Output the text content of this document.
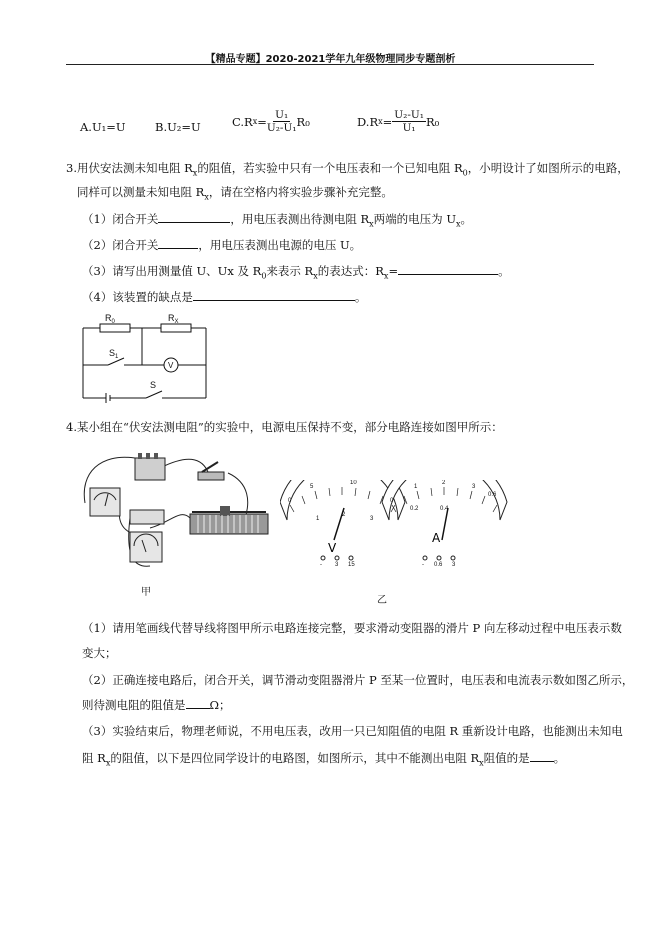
【精品专题】2020-2021学年九年级物理同步专题剖析
A.U₁=U	B.U₂=U	C.R $x = \frac{\text{U₁}}{\text{U₂-U₁}} R_0$	D.R $x = \frac{\text{U₂-U₁}}{\text{U₁}} R_0$
3.用伏安法测未知电阻 $R_x$的阻值，若实验中只有一个电压表和一个已知电阻 $R_0$，小明设计了如图所示的电路，
同样可以测量未知电阻 $R_x$，请在空格内将实验步骤补充完整。
（1）闭合开关	，用电压表测出待测电阻 $R_x$两端的电压为 $U_x$。
（2）闭合开关	，用电压表测出电源的电压 U。
（3）请写出用测量值 U、Ux 及 $R_0$来表示 $R_x$的表达式：$R_x=$	。
（4）该装置的缺点是	。
$R_0$	$R_X$
$S_1$
V
S
4.某小组在“伏安法测电阻”的实验中，电源电压保持不变，部分电路连接如图甲所示：
甲
V
0
5
10
1
2
3
- 3 15
A
0
0.2	0.4
0.6
1
2
3
- 0.6 3
乙
（1）请用笔画线代替导线将图甲所示电路连接完整，要求滑动变阻器的滑片 P 向左移动过程中电压表示数
变大；
（2）正确连接电路后，闭合开关，调节滑动变阻器滑片 P 至某一位置时，电压表和电流表示数如图乙所示，
则待测电阻的阻值是 Ω；
（3）实验结束后，物理老师说，不用电压表，改用一只已知阻值的电阻 R 重新设计电路，也能测出未知电
阻 $R_x$的阻值，以下是四位同学设计的电路图，如图所示，其中不能测出电阻 $R_x$阻值的是 。
